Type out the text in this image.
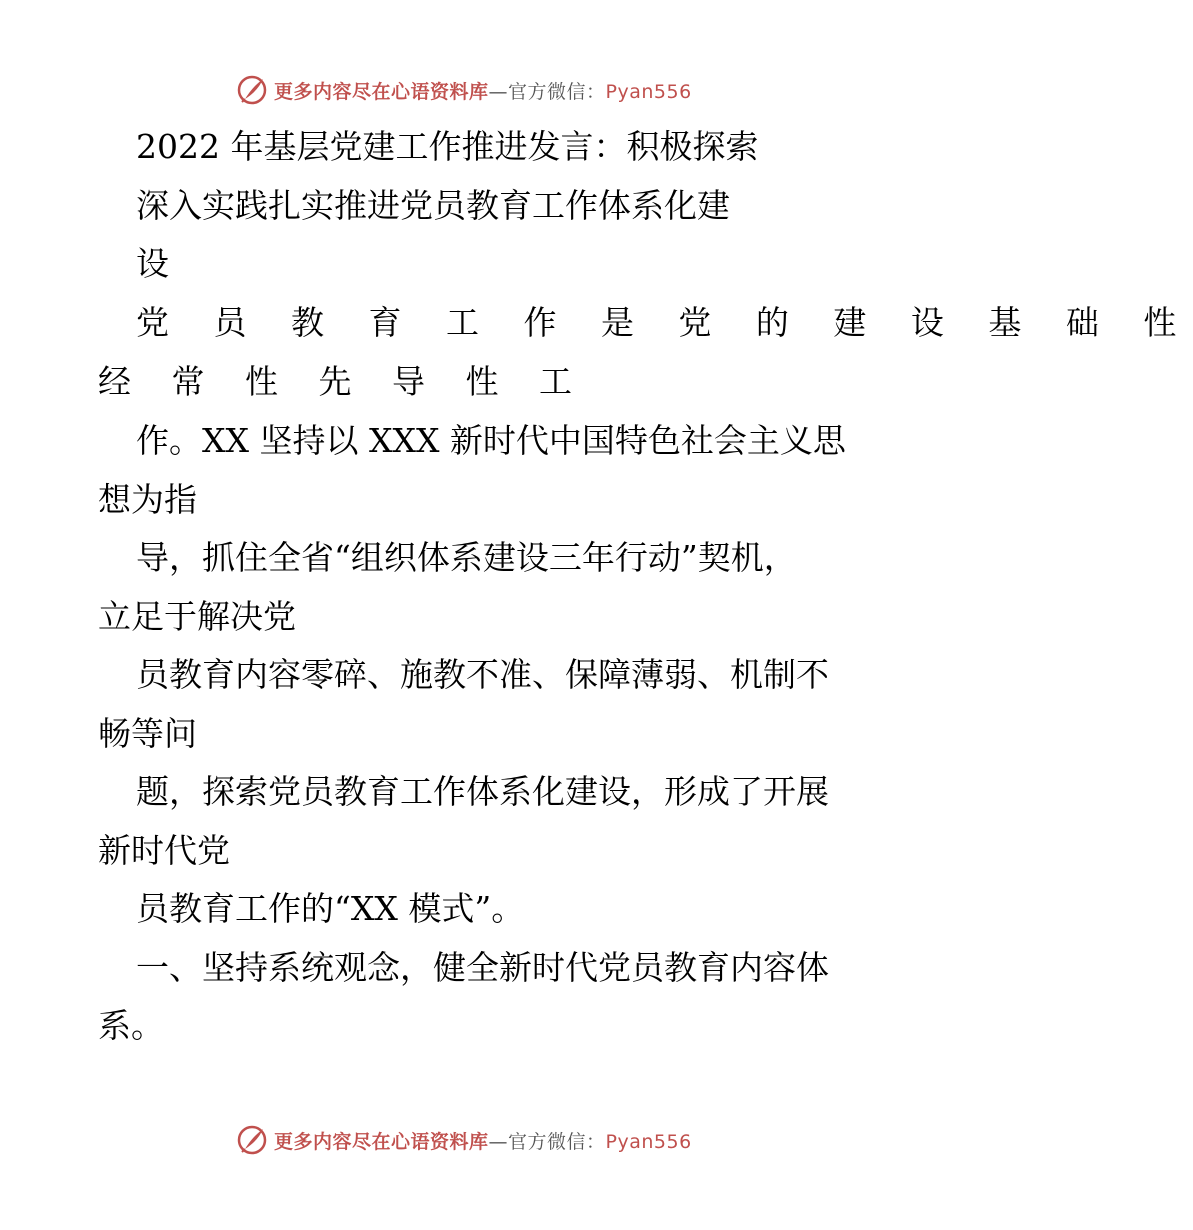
更多内容尽在心语资料库—官方微信：Pyan556
2022 年基层党建工作推进发言：积极探索
深入实践扎实推进党员教育工作体系化建
设
党 员 教 育 工 作 是 党 的 建 设 基 础 性
经 常 性 先 导 性 工
作。XX 坚持以 XXX 新时代中国特色社会主义思
想为指
导，抓住全省“组织体系建设三年行动”契机，
立足于解决党
员教育内容零碎、施教不准、保障薄弱、机制不
畅等问
题，探索党员教育工作体系化建设，形成了开展
新时代党
员教育工作的“XX 模式”。
一、坚持系统观念，健全新时代党员教育内容体
系。
更多内容尽在心语资料库—官方微信：Pyan556
